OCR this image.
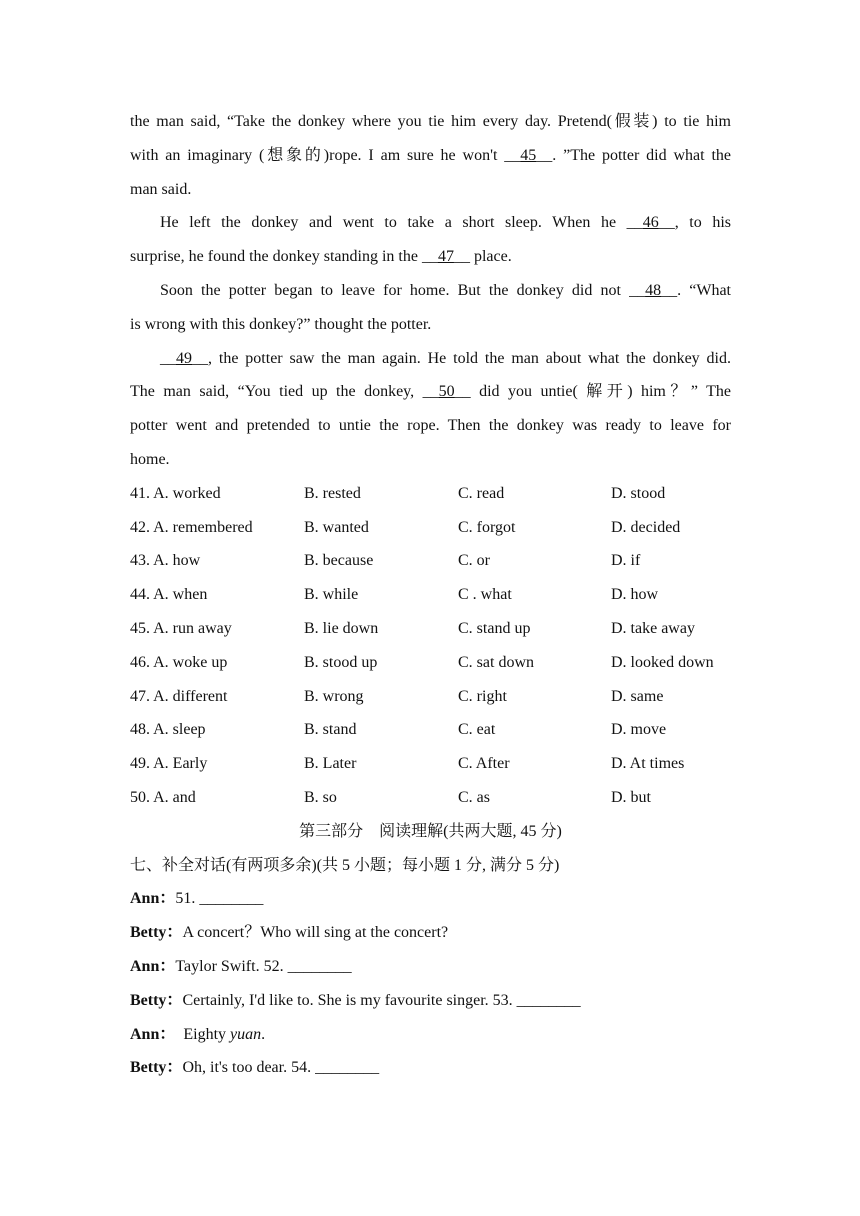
the man said, “Take the donkey where you tie him every day. Pretend(假装) to tie him
with an imaginary (想象的)rope. I am sure he won't __45__. ”The potter did what the
man said.
He left the donkey and went to take a short sleep. When he __46__, to his
surprise, he found the donkey standing in the __47__ place.
Soon the potter began to leave for home. But the donkey did not __48__. “What
is wrong with this donkey?” thought the potter.
__49__, the potter saw the man again. He told the man about what the donkey did.
The man said, “You tied up the donkey, __50__ did you untie( 解开) him？” The
potter went and pretended to untie the rope. Then the donkey was ready to leave for
home.
41. A. worked	B. rested	C. read	D. stood
42. A. remembered	B. wanted	C. forgot	D. decided
43. A. how	B. because	C. or	D. if
44. A. when	B. while	C . what	D. how
45. A. run away	B. lie down	C. stand up	D. take away
46. A. woke up	B. stood up	C. sat down	D. looked down
47. A. different	B. wrong	C. right	D. same
48. A. sleep	B. stand	C. eat	D. move
49. A. Early	B. Later	C. After	D. At times
50. A. and	B. so	C. as	D. but
第三部分　阅读理解(共两大题, 45 分)
七、补全对话(有两项多余)(共 5 小题；每小题 1 分, 满分 5 分)
Ann：51. ________
Betty：A concert？Who will sing at the concert?
Ann：Taylor Swift. 52. ________
Betty：Certainly, I'd like to. She is my favourite singer. 53. ________
Ann：  Eighty yuan.
Betty：Oh, it's too dear. 54. ________
